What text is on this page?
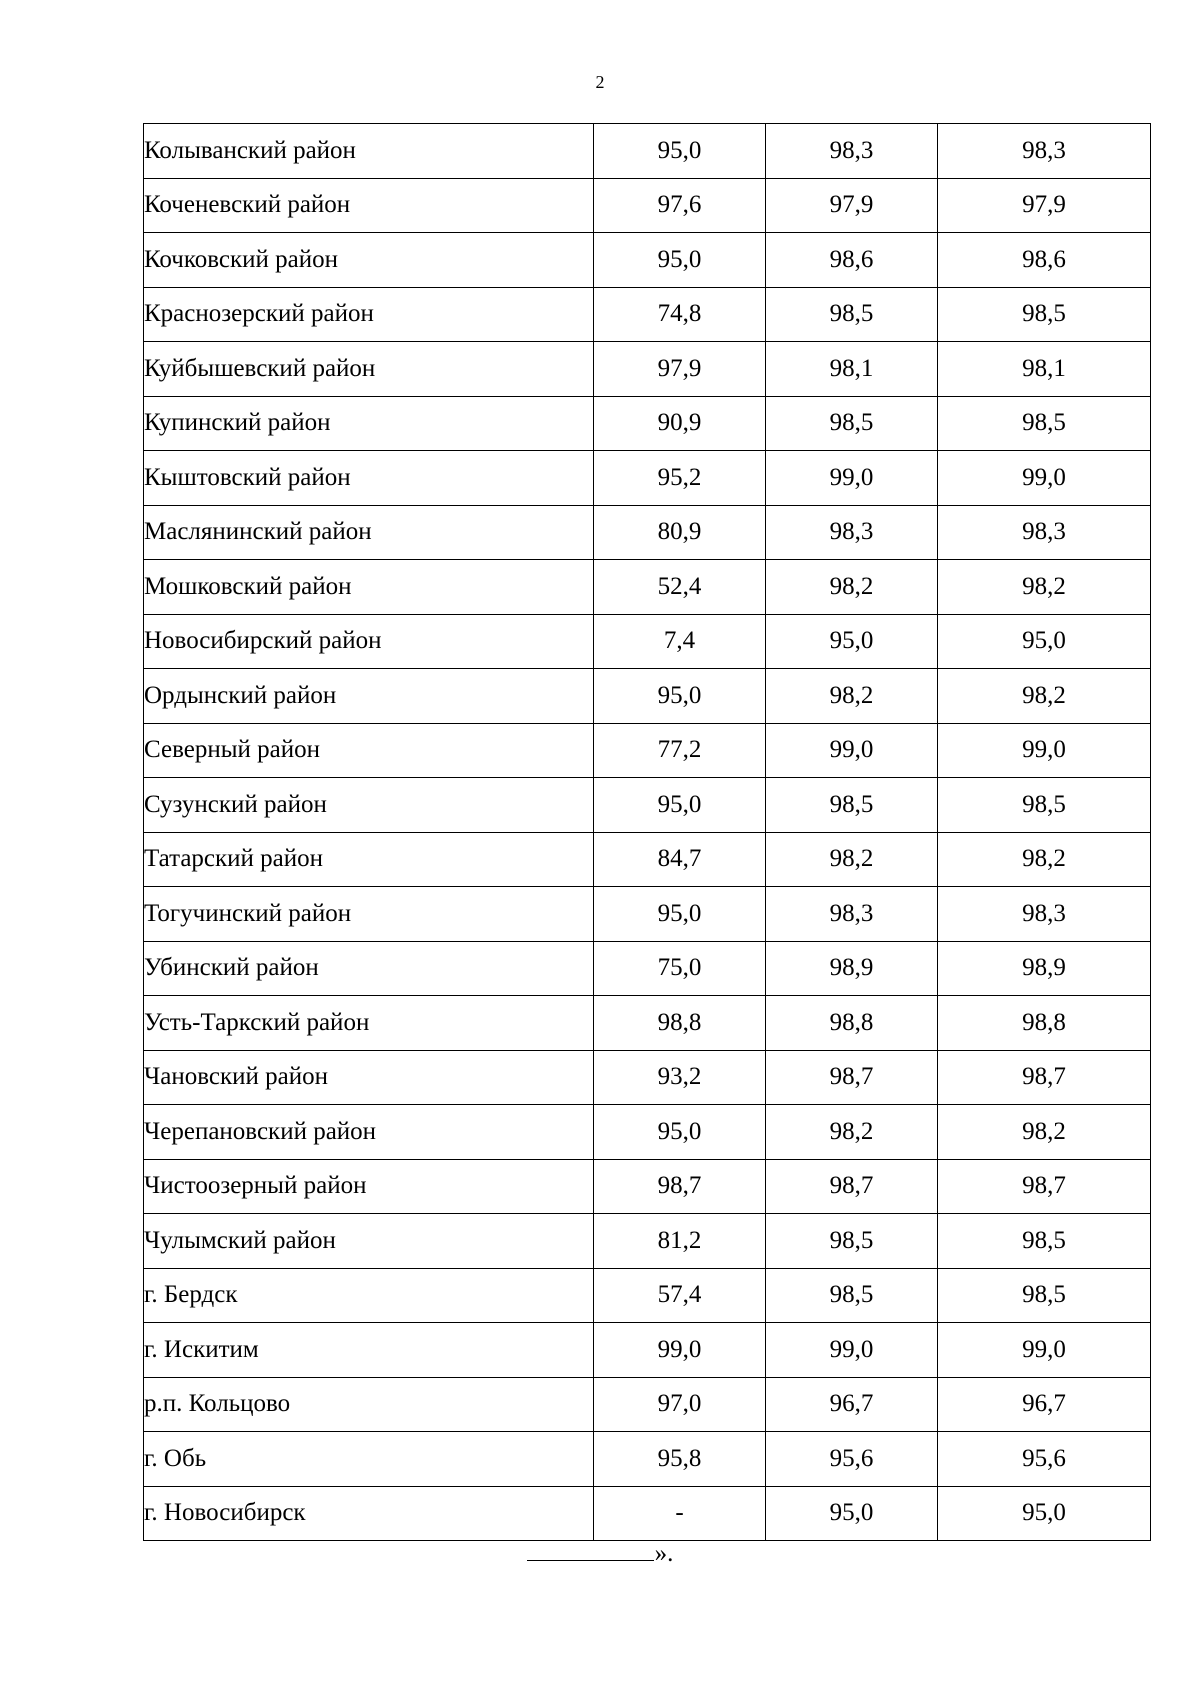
2
Колыванский район	95,0	98,3	98,3
Коченевский район	97,6	97,9	97,9
Кочковский район	95,0	98,6	98,6
Краснозерский район	74,8	98,5	98,5
Куйбышевский район	97,9	98,1	98,1
Купинский район	90,9	98,5	98,5
Кыштовский район	95,2	99,0	99,0
Маслянинский район	80,9	98,3	98,3
Мошковский район	52,4	98,2	98,2
Новосибирский район	7,4	95,0	95,0
Ордынский район	95,0	98,2	98,2
Северный район	77,2	99,0	99,0
Сузунский район	95,0	98,5	98,5
Татарский район	84,7	98,2	98,2
Тогучинский район	95,0	98,3	98,3
Убинский район	75,0	98,9	98,9
Усть-Таркский район	98,8	98,8	98,8
Чановский район	93,2	98,7	98,7
Черепановский район	95,0	98,2	98,2
Чистоозерный район	98,7	98,7	98,7
Чулымский район	81,2	98,5	98,5
г. Бердск	57,4	98,5	98,5
г. Искитим	99,0	99,0	99,0
р.п. Кольцово	97,0	96,7	96,7
г. Обь	95,8	95,6	95,6
г. Новосибирск	-	95,0	95,0
».
